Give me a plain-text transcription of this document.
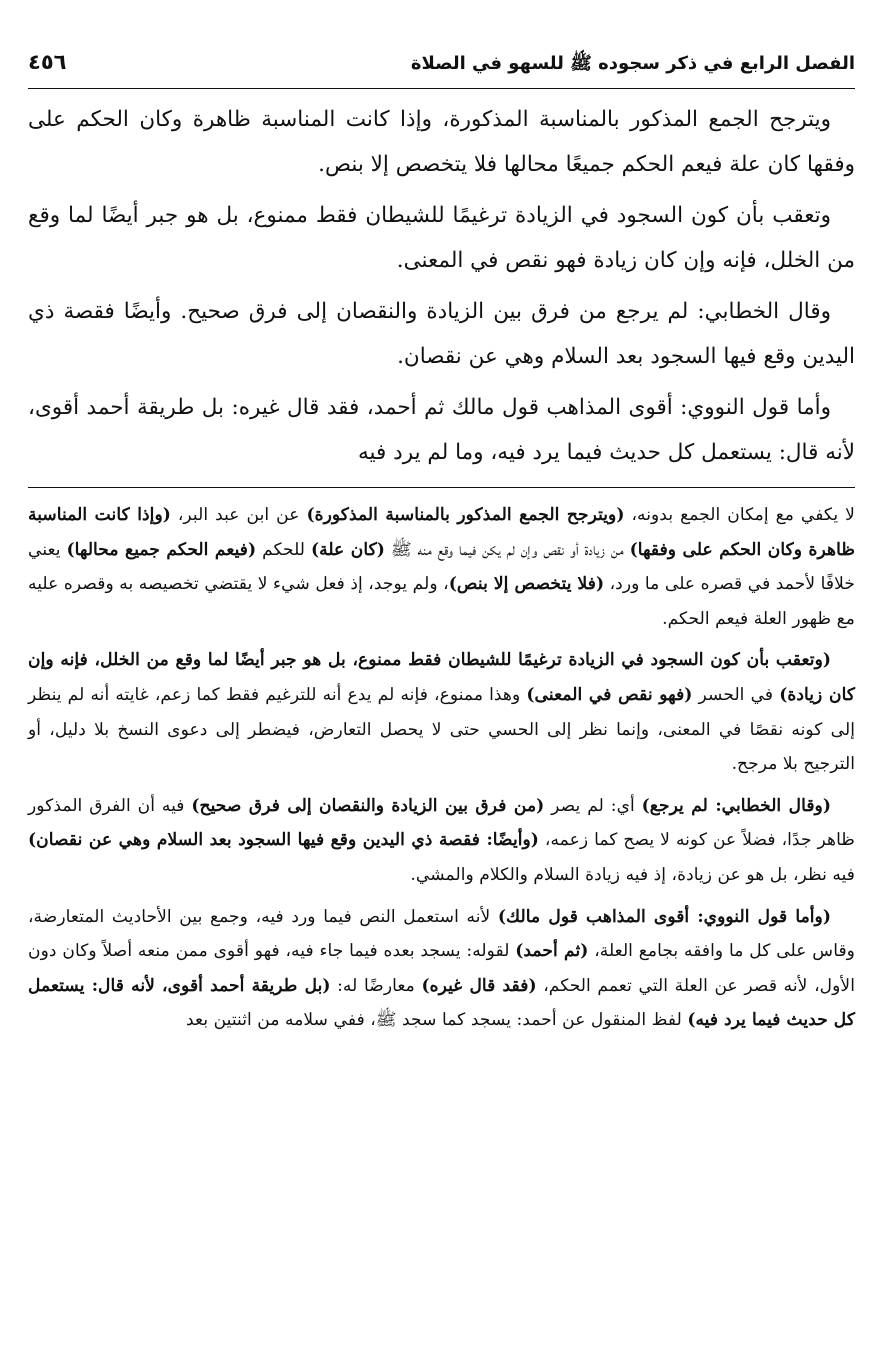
الفصل الرابع في ذكر سجوده ﷺ للسهو في الصلاة
٤٥٦

ويترجح الجمع المذكور بالمناسبة المذكورة، وإذا كانت المناسبة ظاهرة وكان الحكم على وفقها كان علة فيعم الحكم جميعًا محالها فلا يتخصص إلا بنص.

وتعقب بأن كون السجود في الزيادة ترغيمًا للشيطان فقط ممنوع، بل هو جبر أيضًا لما وقع من الخلل، فإنه وإن كان زيادة فهو نقص في المعنى.

وقال الخطابي: لم يرجع من فرق بين الزيادة والنقصان إلى فرق صحيح. وأيضًا فقصة ذي اليدين وقع فيها السجود بعد السلام وهي عن نقصان.

وأما قول النووي: أقوى المذاهب قول مالك ثم أحمد، فقد قال غيره: بل طريقة أحمد أقوى، لأنه قال: يستعمل كل حديث فيما يرد فيه، وما لم يرد فيه

لا يكفي مع إمكان الجمع بدونه، (ويترجح الجمع المذكور بالمناسبة المذكورة) عن ابن عبد البر، (وإذا كانت المناسبة ظاهرة وكان الحكم على وفقها) من زيادة أو نقص وإن لم يكن فيما وقع منه ﷺ (كان علة) للحكم (فيعم الحكم جميع محالها) يعني خلافًا لأحمد في قصره على ما ورد، (فلا يتخصص إلا بنص)، ولم يوجد، إذ فعل شيء لا يقتضي تخصيصه به وقصره عليه مع ظهور العلة فيعم الحكم.

(وتعقب بأن كون السجود في الزيادة ترغيمًا للشيطان فقط ممنوع، بل هو جبر أيضًا لما وقع من الخلل، فإنه وإن كان زيادة) في الحسر (فهو نقص في المعنى) وهذا ممنوع، فإنه لم يدع أنه للترغيم فقط كما زعم، غايته أنه لم ينظر إلى كونه نقصًا في المعنى، وإنما نظر إلى الحسي حتى لا يحصل التعارض، فيضطر إلى دعوى النسخ بلا دليل، أو الترجيح بلا مرجح.

(وقال الخطابي: لم يرجع) أي: لم يصر (من فرق بين الزيادة والنقصان إلى فرق صحيح) فيه أن الفرق المذكور ظاهر جدًا، فضلاً عن كونه لا يصح كما زعمه، (وأيضًا: فقصة ذي اليدين وقع فيها السجود بعد السلام وهي عن نقصان) فيه نظر، بل هو عن زيادة، إذ فيه زيادة السلام والكلام والمشي.

(وأما قول النووي: أقوى المذاهب قول مالك) لأنه استعمل النص فيما ورد فيه، وجمع بين الأحاديث المتعارضة، وقاس على كل ما وافقه بجامع العلة، (ثم أحمد) لقوله: يسجد بعده فيما جاء فيه، فهو أقوى ممن منعه أصلاً وكان دون الأول، لأنه قصر عن العلة التي تعمم الحكم، (فقد قال غيره) معارضًا له: (بل طريقة أحمد أقوى، لأنه قال: يستعمل كل حديث فيما يرد فيه) لفظ المنقول عن أحمد: يسجد كما سجد ﷺ، ففي سلامه من اثنتين بعد
